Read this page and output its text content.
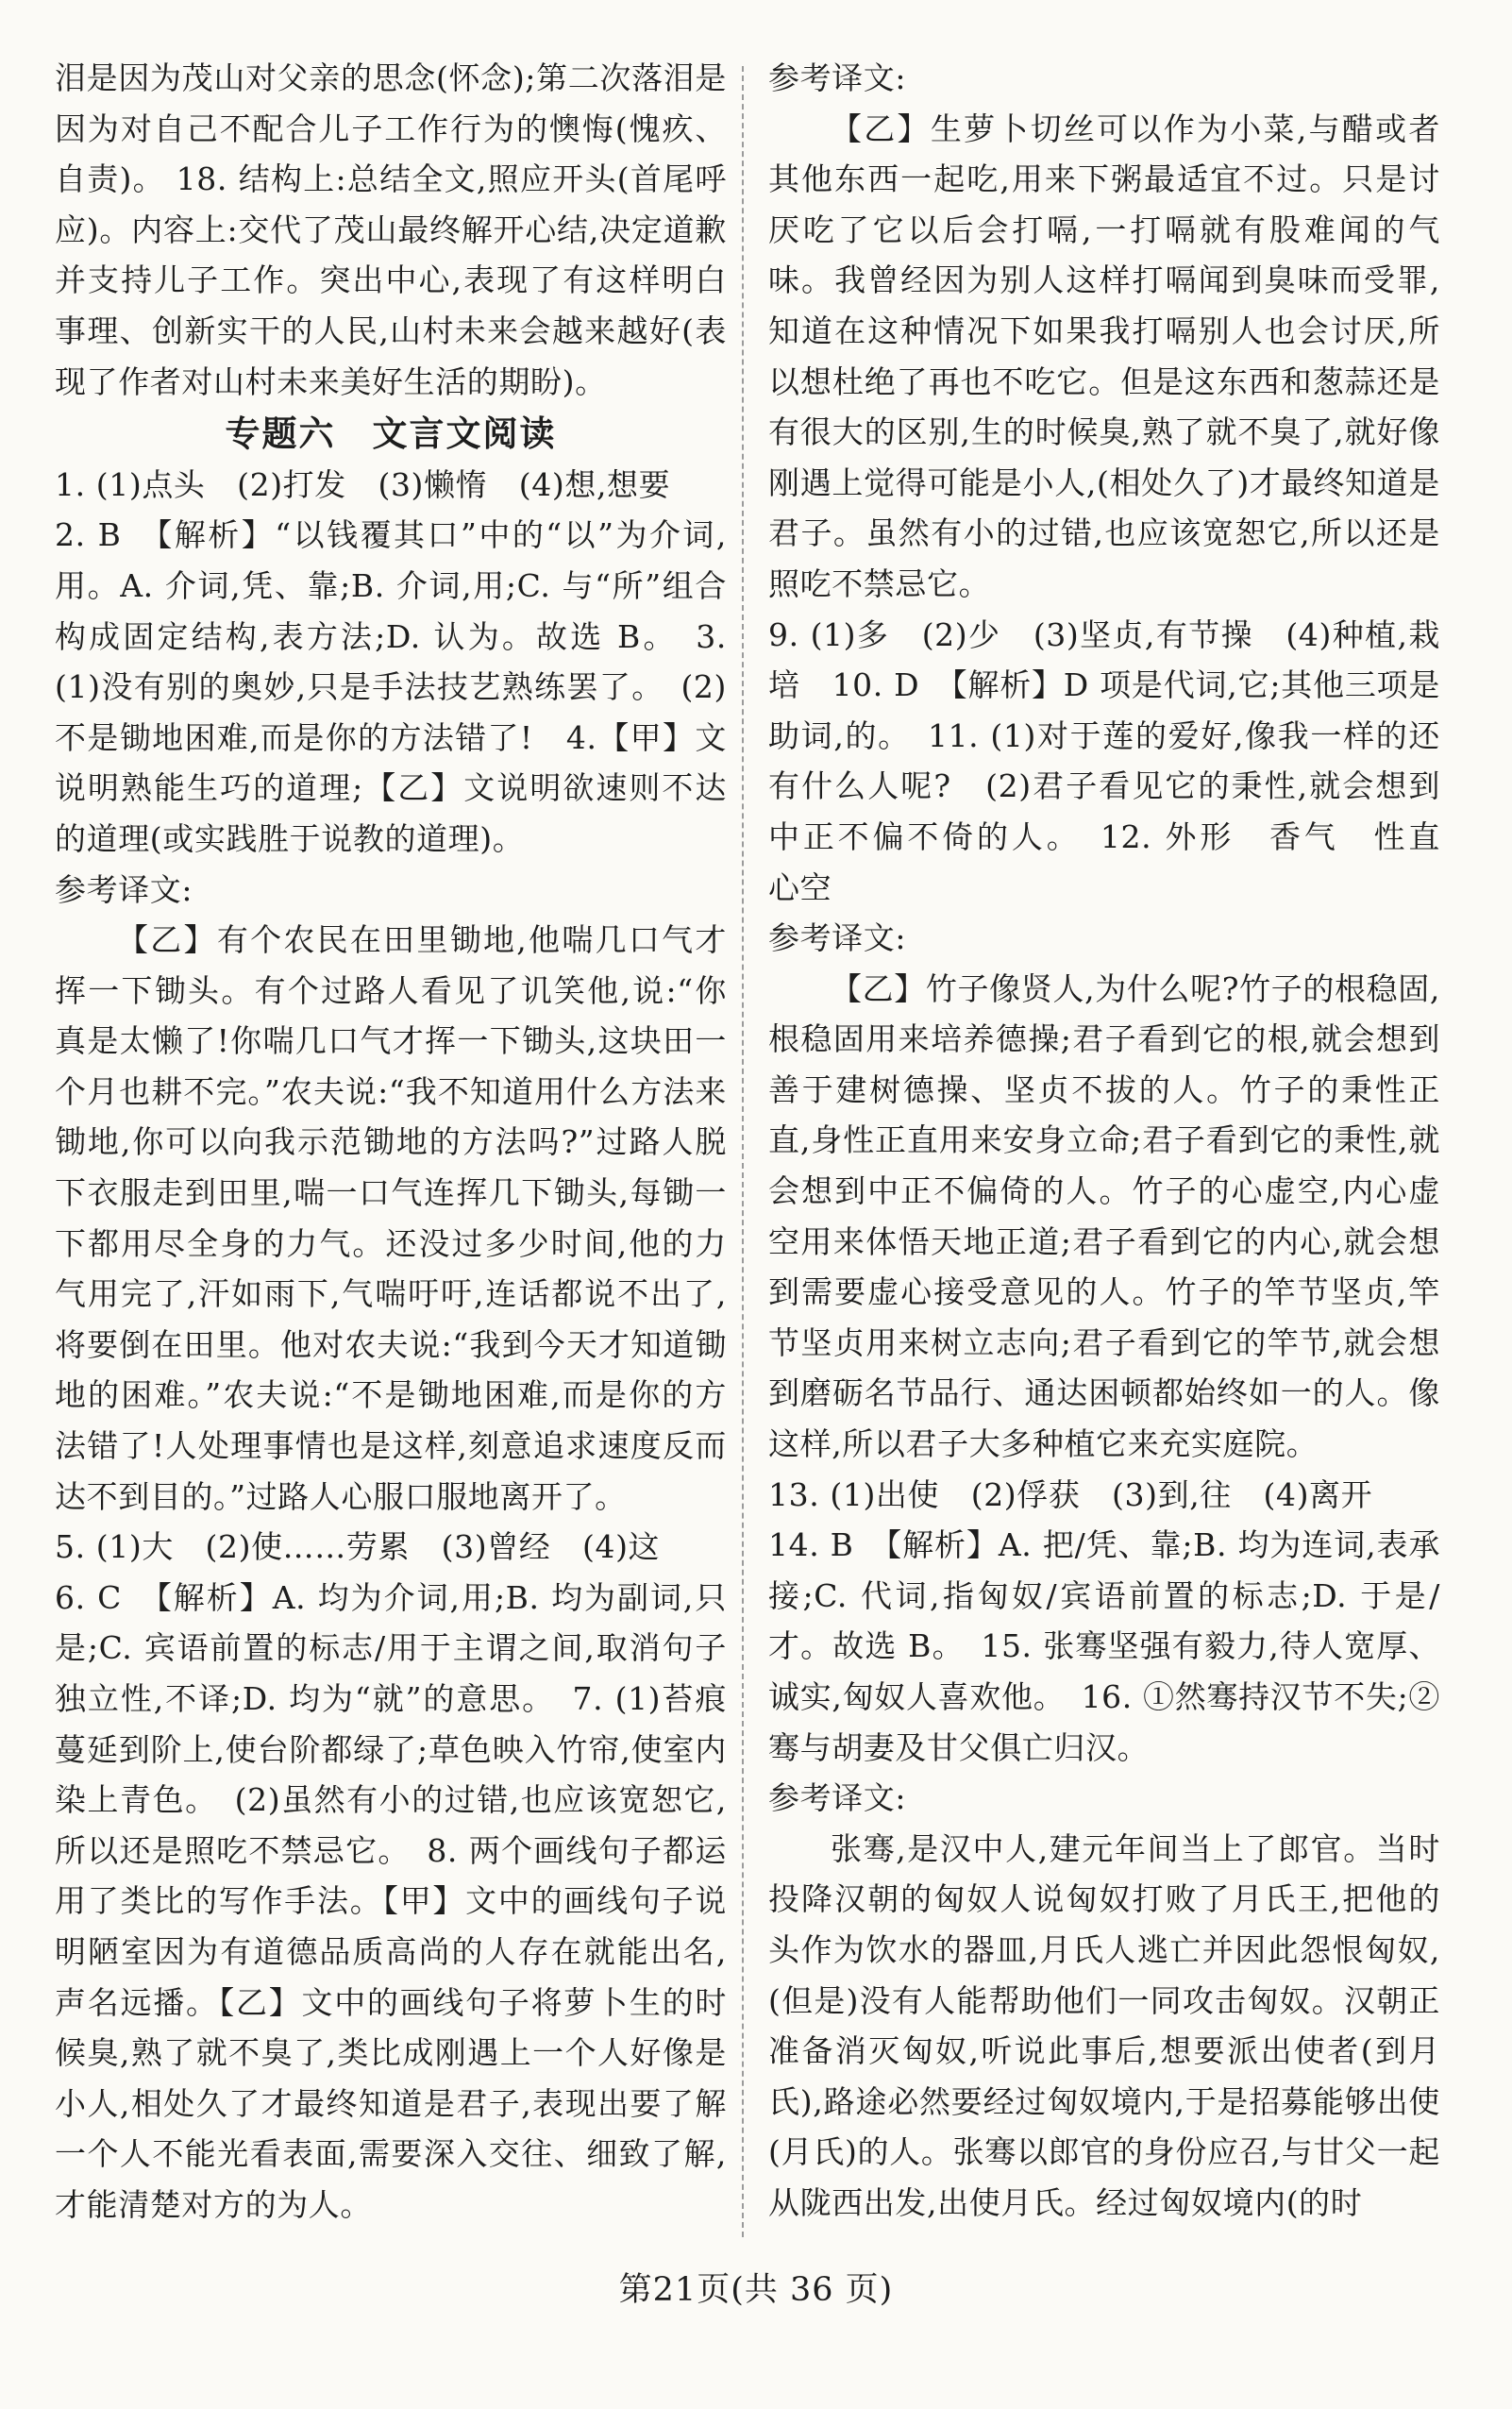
泪是因为茂山对父亲的思念(怀念);第二次落泪是因为对自己不配合儿子工作行为的懊悔(愧疚、自责)。 18. 结构上:总结全文,照应开头(首尾呼应)。内容上:交代了茂山最终解开心结,决定道歉并支持儿子工作。突出中心,表现了有这样明白事理、创新实干的人民,山村未来会越来越好(表现了作者对山村未来美好生活的期盼)。

专题六　文言文阅读

1. (1)点头　(2)打发　(3)懒惰　(4)想,想要

2. B　【解析】“以钱覆其口”中的“以”为介词,用。A. 介词,凭、靠;B. 介词,用;C. 与“所”组合构成固定结构,表方法;D. 认为。故选 B。　3. (1)没有别的奥妙,只是手法技艺熟练罢了。　(2)不是锄地困难,而是你的方法错了!　4.【甲】文说明熟能生巧的道理;【乙】文说明欲速则不达的道理(或实践胜于说教的道理)。

参考译文:

【乙】有个农民在田里锄地,他喘几口气才挥一下锄头。有个过路人看见了讥笑他,说:“你真是太懒了!你喘几口气才挥一下锄头,这块田一个月也耕不完。”农夫说:“我不知道用什么方法来锄地,你可以向我示范锄地的方法吗?”过路人脱下衣服走到田里,喘一口气连挥几下锄头,每锄一下都用尽全身的力气。还没过多少时间,他的力气用完了,汗如雨下,气喘吁吁,连话都说不出了,将要倒在田里。他对农夫说:“我到今天才知道锄地的困难。”农夫说:“不是锄地困难,而是你的方法错了!人处理事情也是这样,刻意追求速度反而达不到目的。”过路人心服口服地离开了。

5. (1)大　(2)使……劳累　(3)曾经　(4)这

6. C　【解析】A. 均为介词,用;B. 均为副词,只是;C. 宾语前置的标志/用于主谓之间,取消句子独立性,不译;D. 均为“就”的意思。　7. (1)苔痕蔓延到阶上,使台阶都绿了;草色映入竹帘,使室内染上青色。　(2)虽然有小的过错,也应该宽恕它,所以还是照吃不禁忌它。　8. 两个画线句子都运用了类比的写作手法。【甲】文中的画线句子说明陋室因为有道德品质高尚的人存在就能出名,声名远播。【乙】文中的画线句子将萝卜生的时候臭,熟了就不臭了,类比成刚遇上一个人好像是小人,相处久了才最终知道是君子,表现出要了解一个人不能光看表面,需要深入交往、细致了解,才能清楚对方的为人。

参考译文:

【乙】生萝卜切丝可以作为小菜,与醋或者其他东西一起吃,用来下粥最适宜不过。只是讨厌吃了它以后会打嗝,一打嗝就有股难闻的气味。我曾经因为别人这样打嗝闻到臭味而受罪,知道在这种情况下如果我打嗝别人也会讨厌,所以想杜绝了再也不吃它。但是这东西和葱蒜还是有很大的区别,生的时候臭,熟了就不臭了,就好像刚遇上觉得可能是小人,(相处久了)才最终知道是君子。虽然有小的过错,也应该宽恕它,所以还是照吃不禁忌它。

9. (1)多　(2)少　(3)坚贞,有节操　(4)种植,栽培　10. D　【解析】D 项是代词,它;其他三项是助词,的。　11. (1)对于莲的爱好,像我一样的还有什么人呢?　(2)君子看见它的秉性,就会想到中正不偏不倚的人。　12. 外形　香气　性直　心空

参考译文:

【乙】竹子像贤人,为什么呢?竹子的根稳固,根稳固用来培养德操;君子看到它的根,就会想到善于建树德操、坚贞不拔的人。竹子的秉性正直,身性正直用来安身立命;君子看到它的秉性,就会想到中正不偏倚的人。竹子的心虚空,内心虚空用来体悟天地正道;君子看到它的内心,就会想到需要虚心接受意见的人。竹子的竿节坚贞,竿节坚贞用来树立志向;君子看到它的竿节,就会想到磨砺名节品行、通达困顿都始终如一的人。像这样,所以君子大多种植它来充实庭院。

13. (1)出使　(2)俘获　(3)到,往　(4)离开

14. B　【解析】A. 把/凭、靠;B. 均为连词,表承接;C. 代词,指匈奴/宾语前置的标志;D. 于是/才。故选 B。　15. 张骞坚强有毅力,待人宽厚、诚实,匈奴人喜欢他。　16. ①然骞持汉节不失;②骞与胡妻及甘父俱亡归汉。

参考译文:

张骞,是汉中人,建元年间当上了郎官。当时投降汉朝的匈奴人说匈奴打败了月氏王,把他的头作为饮水的器皿,月氏人逃亡并因此怨恨匈奴,(但是)没有人能帮助他们一同攻击匈奴。汉朝正准备消灭匈奴,听说此事后,想要派出使者(到月氏),路途必然要经过匈奴境内,于是招募能够出使(月氏)的人。张骞以郎官的身份应召,与甘父一起从陇西出发,出使月氏。经过匈奴境内(的时

第21页(共 36 页)
